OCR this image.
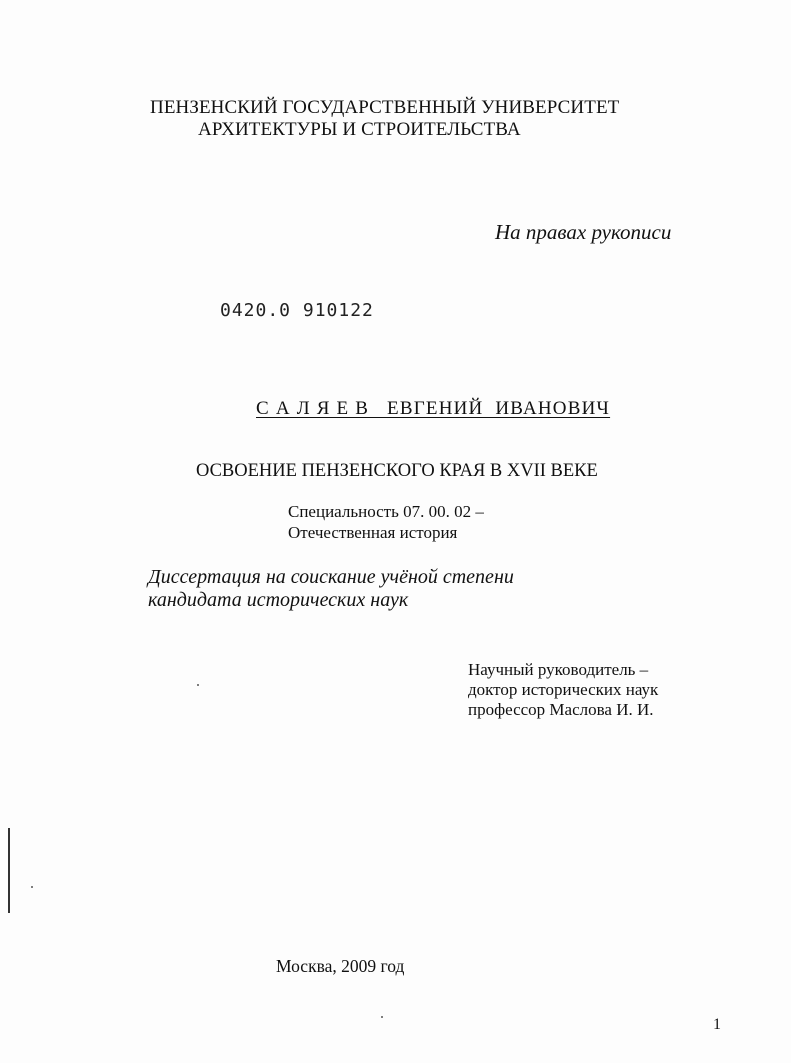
ПЕНЗЕНСКИЙ ГОСУДАРСТВЕННЫЙ УНИВЕРСИТЕТ
АРХИТЕКТУРЫ И СТРОИТЕЛЬСТВА
На правах рукописи
0420.0 910122
С А Л Я Е В   ЕВГЕНИЙ  ИВАНОВИЧ
ОСВОЕНИЕ ПЕНЗЕНСКОГО КРАЯ В XVII ВЕКЕ
Специальность 07. 00. 02 –
Отечественная история
Диссертация на соискание учёной степени
кандидата исторических наук
Научный руководитель –
доктор исторических наук
профессор Маслова И. И.
Москва, 2009 год
1
